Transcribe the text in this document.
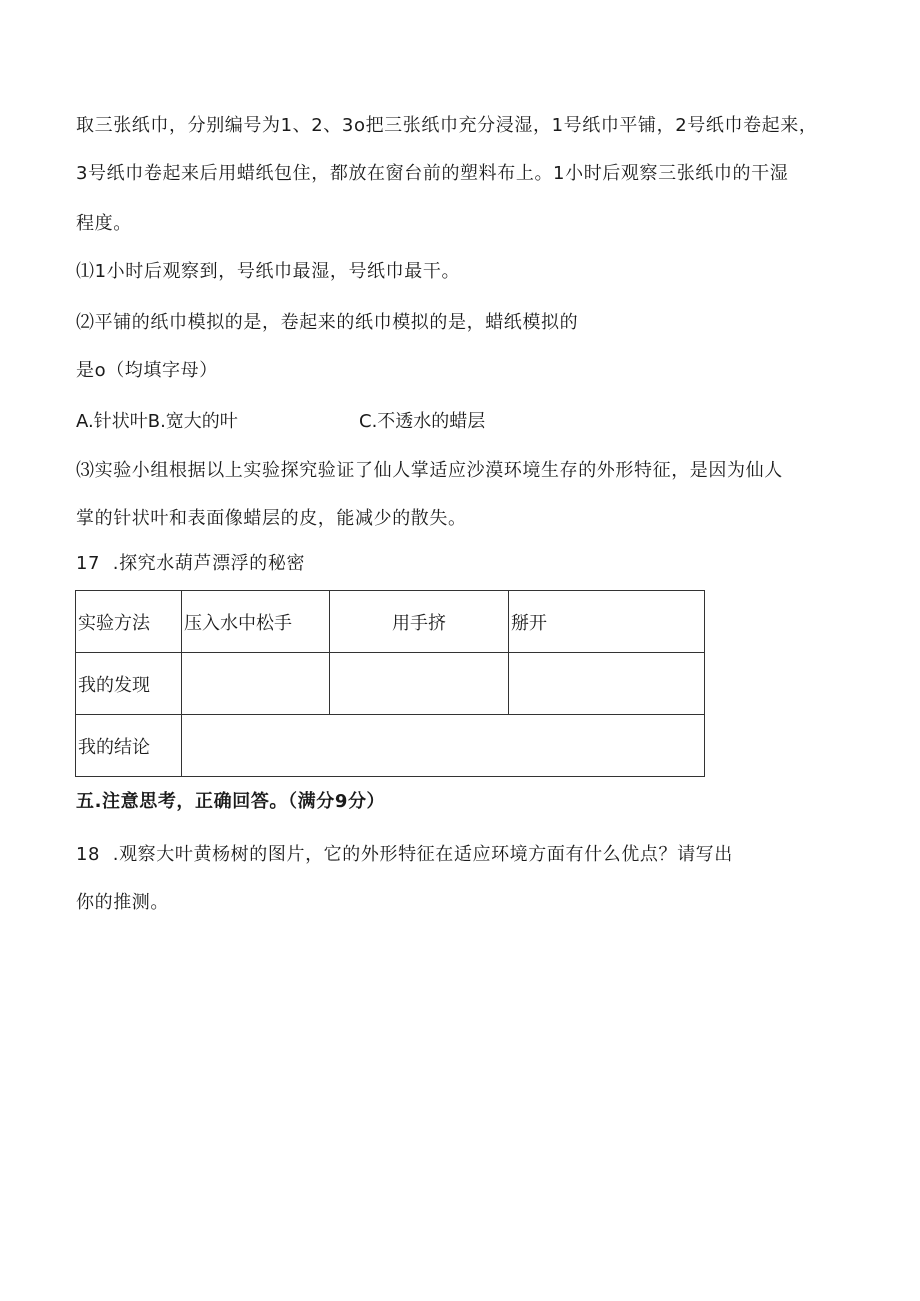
取三张纸巾，分别编号为1、2、3o把三张纸巾充分浸湿，1号纸巾平铺，2号纸巾卷起来，
3号纸巾卷起来后用蜡纸包住，都放在窗台前的塑料布上。1小时后观察三张纸巾的干湿
程度。
⑴1小时后观察到，号纸巾最湿，号纸巾最干。
⑵平铺的纸巾模拟的是，卷起来的纸巾模拟的是，蜡纸模拟的
是o（均填字母）
A.针状叶B.宽大的叶	C.不透水的蜡层
⑶实验小组根据以上实验探究验证了仙人掌适应沙漠环境生存的外形特征，是因为仙人
掌的针状叶和表面像蜡层的皮，能减少的散失。
17  .探究水葫芦漂浮的秘密
实验方法	压入水中松手	用手挤	掰开
我的发现			
我的结论			
五.注意思考，正确回答。（满分9分）
18  .观察大叶黄杨树的图片，它的外形特征在适应环境方面有什么优点？请写出
你的推测。
